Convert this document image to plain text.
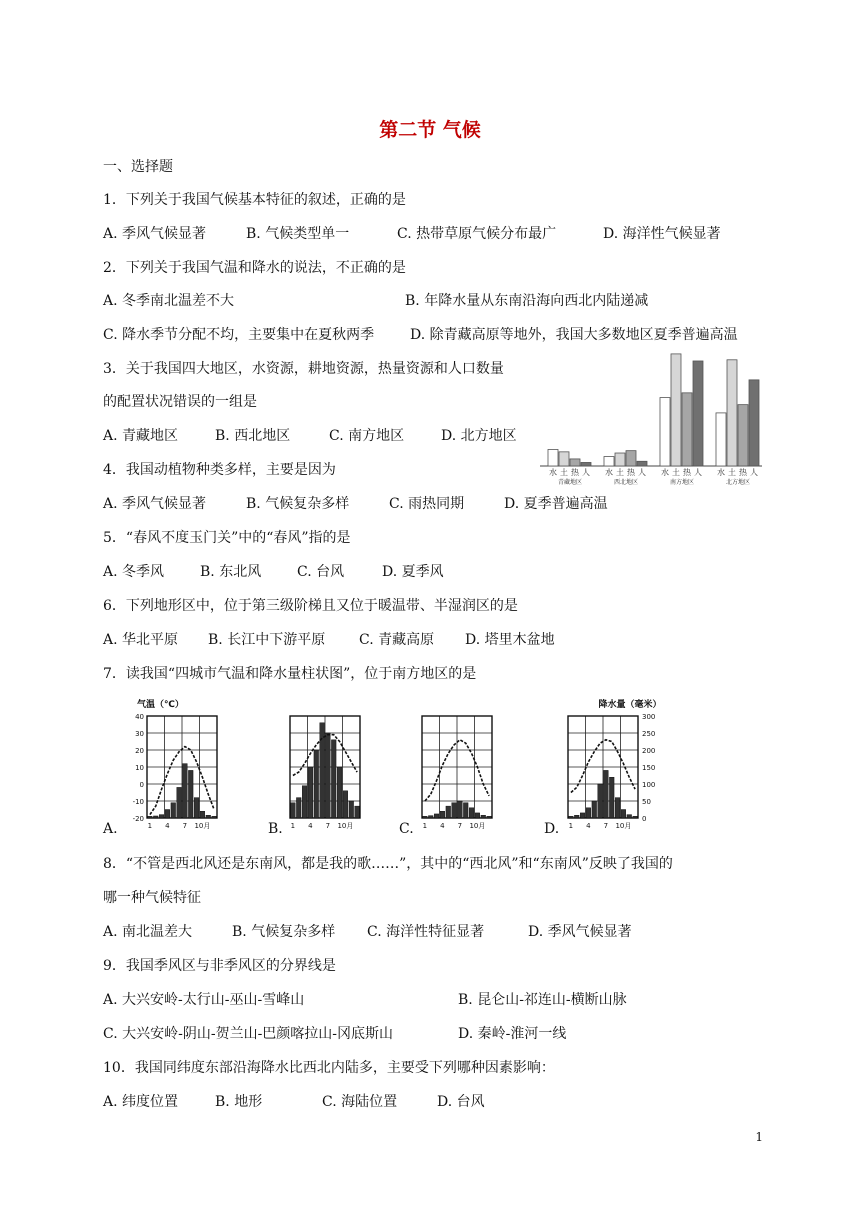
第二节 气候
一、选择题
1．下列关于我国气候基本特征的叙述，正确的是
A. 季风气候显著	B. 气候类型单一	C. 热带草原气候分布最广	D. 海洋性气候显著
2．下列关于我国气温和降水的说法，不正确的是
A. 冬季南北温差不大	B. 年降水量从东南沿海向西北内陆递减
C. 降水季节分配不均，主要集中在夏秋两季	D. 除青藏高原等地外，我国大多数地区夏季普遍高温
3．关于我国四大地区，水资源，耕地资源，热量资源和人口数量
的配置状况错误的一组是
A. 青藏地区	B. 西北地区	C. 南方地区	D. 北方地区
水 土 热 人
青藏地区
水 土 热 人
西北地区
水 土 热 人
南方地区
水 土 热 人
北方地区
4．我国动植物种类多样，主要是因为
A. 季风气候显著	B. 气候复杂多样	C. 雨热同期	D. 夏季普遍高温
5．“春风不度玉门关”中的“春风”指的是
A. 冬季风	B. 东北风	C. 台风	D. 夏季风
6．下列地形区中，位于第三级阶梯且又位于暖温带、半湿润区的是
A. 华北平原 B. 长江中下游平原 C. 青藏高原 D. 塔里木盆地
7．读我国“四城市气温和降水量柱状图”，位于南方地区的是
A.	B.	C.	D.
气温（℃）
40
30
20
10
0
-10
-20
1 4 7 10月	1 4 7 10月	1 4 7 10月
降水量（毫米）
300
250
200
150
100
50
0
1 4 7 10月
8．“不管是西北风还是东南风，都是我的歌……”，其中的“西北风”和“东南风”反映了我国的
哪一种气候特征
A. 南北温差大	B. 气候复杂多样 C. 海洋性特征显著	D. 季风气候显著
9．我国季风区与非季风区的分界线是
A. 大兴安岭-太行山-巫山-雪峰山	B. 昆仑山-祁连山-横断山脉
C. 大兴安岭-阴山-贺兰山-巴颜喀拉山-冈底斯山	D. 秦岭-淮河一线
10．我国同纬度东部沿海降水比西北内陆多，主要受下列哪种因素影响：
A. 纬度位置	B. 地形	C. 海陆位置	D. 台风
1
